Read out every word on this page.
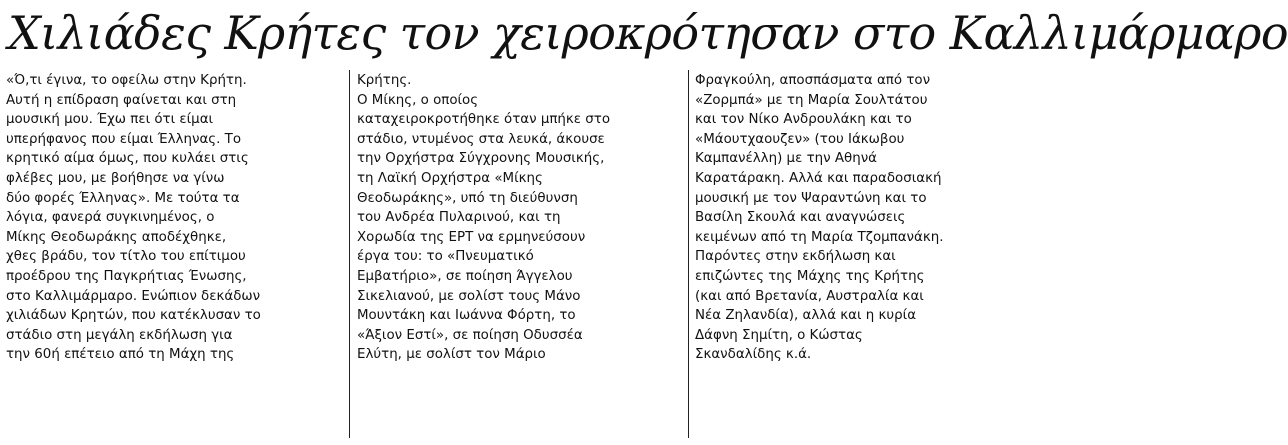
Χιλιάδες Κρήτες τον χειροκρότησαν στο Καλλιμάρμαρο
«Ό,τι έγινα, το οφείλω στην Κρήτη.
Αυτή η επίδραση φαίνεται και στη
μουσική μου. Έχω πει ότι είμαι
υπερήφανος που είμαι Έλληνας. Το
κρητικό αίμα όμως, που κυλάει στις
φλέβες μου, με βοήθησε να γίνω
δύο φορές Έλληνας». Με τούτα τα
λόγια, φανερά συγκινημένος, ο
Μίκης Θεοδωράκης αποδέχθηκε,
χθες βράδυ, τον τίτλο του επίτιμου
προέδρου της Παγκρήτιας Ένωσης,
στο Καλλιμάρμαρο. Ενώπιον δεκάδων
χιλιάδων Κρητών, που κατέκλυσαν το
στάδιο στη μεγάλη εκδήλωση για
την 60ή επέτειο από τη Μάχη της
Κρήτης.
Ο Μίκης, ο οποίος
καταχειροκροτήθηκε όταν μπήκε στο
στάδιο, ντυμένος στα λευκά, άκουσε
την Ορχήστρα Σύγχρονης Μουσικής,
τη Λαϊκή Ορχήστρα «Μίκης
Θεοδωράκης», υπό τη διεύθυνση
του Ανδρέα Πυλαρινού, και τη
Χορωδία της ΕΡΤ να ερμηνεύσουν
έργα του: το «Πνευματικό
Εμβατήριο», σε ποίηση Άγγελου
Σικελιανού, με σολίστ τους Μάνο
Μουντάκη και Ιωάννα Φόρτη, το
«Άξιον Εστί», σε ποίηση Οδυσσέα
Ελύτη, με σολίστ τον Μάριο
Φραγκούλη, αποσπάσματα από τον
«Ζορμπά» με τη Μαρία Σουλτάτου
και τον Νίκο Ανδρουλάκη και το
«Μάουτχαουζεν» (του Ιάκωβου
Καμπανέλλη) με την Αθηνά
Καρατάρακη. Αλλά και παραδοσιακή
μουσική με τον Ψαραντώνη και το
Βασίλη Σκουλά και αναγνώσεις
κειμένων από τη Μαρία Τζομπανάκη.
Παρόντες στην εκδήλωση και
επιζώντες της Μάχης της Κρήτης
(και από Βρετανία, Αυστραλία και
Νέα Ζηλανδία), αλλά και η κυρία
Δάφνη Σημίτη, ο Κώστας
Σκανδαλίδης κ.ά.
